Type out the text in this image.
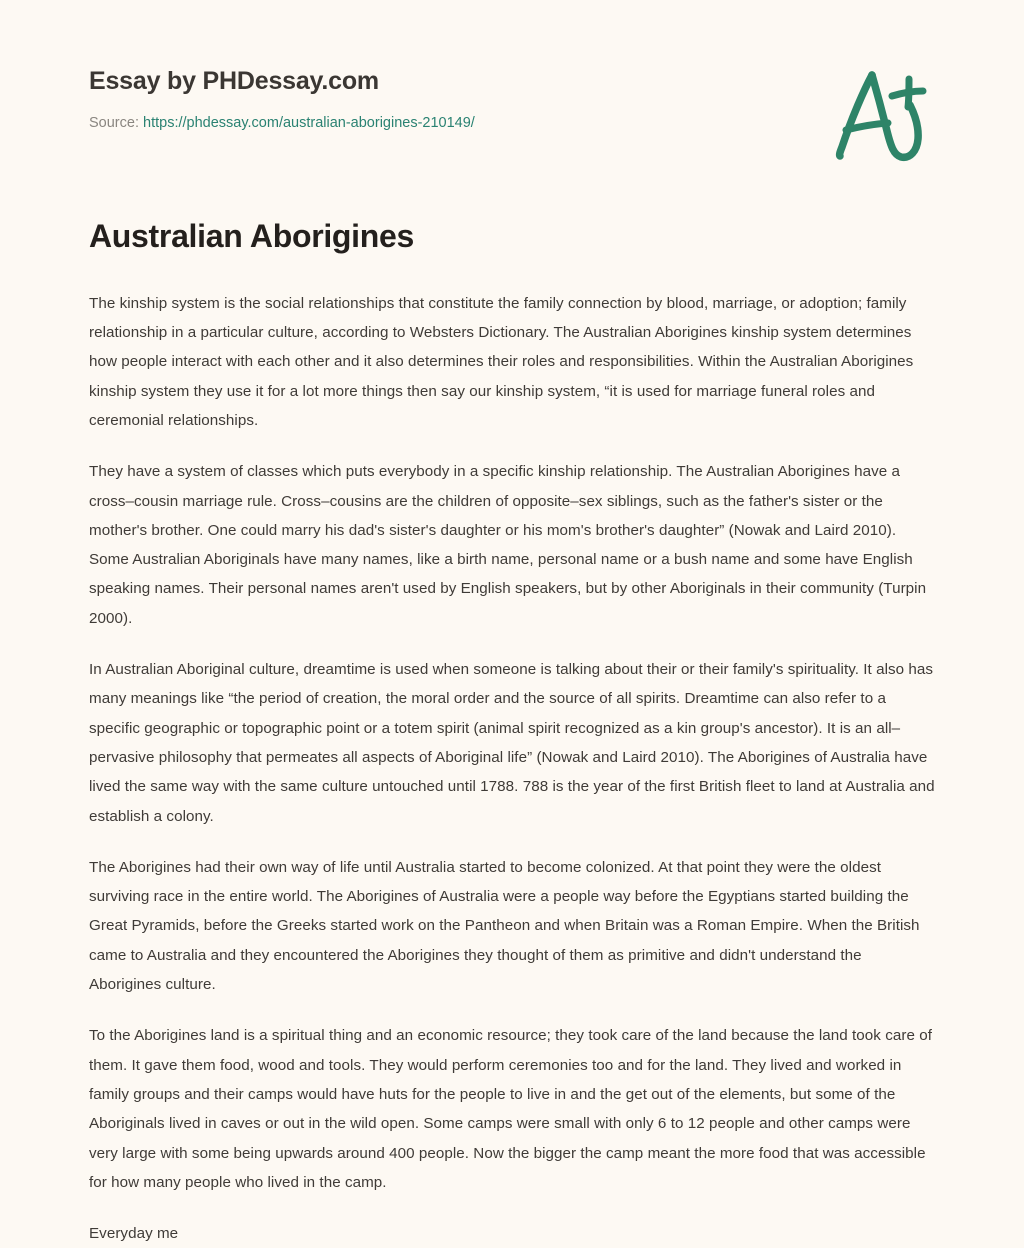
Essay by PHDessay.com
Source: https://phdessay.com/australian-aborigines-210149/
Australian Aborigines

The kinship system is the social relationships that constitute the family connection by blood, marriage, or adoption; family relationship in a particular culture, according to Websters Dictionary. The Australian Aborigines kinship system determines how people interact with each other and it also determines their roles and responsibilities. Within the Australian Aborigines kinship system they use it for a lot more things then say our kinship system, “it is used for marriage funeral roles and ceremonial relationships.

They have a system of classes which puts everybody in a specific kinship relationship. The Australian Aborigines have a cross–cousin marriage rule. Cross–cousins are the children of opposite–sex siblings, such as the father's sister or the mother's brother. One could marry his dad's sister's daughter or his mom's brother's daughter” (Nowak and Laird 2010). Some Australian Aboriginals have many names, like a birth name, personal name or a bush name and some have English speaking names. Their personal names aren't used by English speakers, but by other Aboriginals in their community (Turpin 2000).

In Australian Aboriginal culture, dreamtime is used when someone is talking about their or their family's spirituality. It also has many meanings like “the period of creation, the moral order and the source of all spirits. Dreamtime can also refer to a specific geographic or topographic point or a totem spirit (animal spirit recognized as a kin group's ancestor). It is an all–pervasive philosophy that permeates all aspects of Aboriginal life” (Nowak and Laird 2010). The Aborigines of Australia have lived the same way with the same culture untouched until 1788. 788 is the year of the first British fleet to land at Australia and establish a colony.

The Aborigines had their own way of life until Australia started to become colonized. At that point they were the oldest surviving race in the entire world. The Aborigines of Australia were a people way before the Egyptians started building the Great Pyramids, before the Greeks started work on the Pantheon and when Britain was a Roman Empire. When the British came to Australia and they encountered the Aborigines they thought of them as primitive and didn't understand the Aborigines culture.

To the Aborigines land is a spiritual thing and an economic resource; they took care of the land because the land took care of them. It gave them food, wood and tools. They would perform ceremonies too and for the land. They lived and worked in family groups and their camps would have huts for the people to live in and the get out of the elements, but some of the Aboriginals lived in caves or out in the wild open. Some camps were small with only 6 to 12 people and other camps were very large with some being upwards around 400 people. Now the bigger the camp meant the more food that was accessible for how many people who lived in the camp.

Everyday me
